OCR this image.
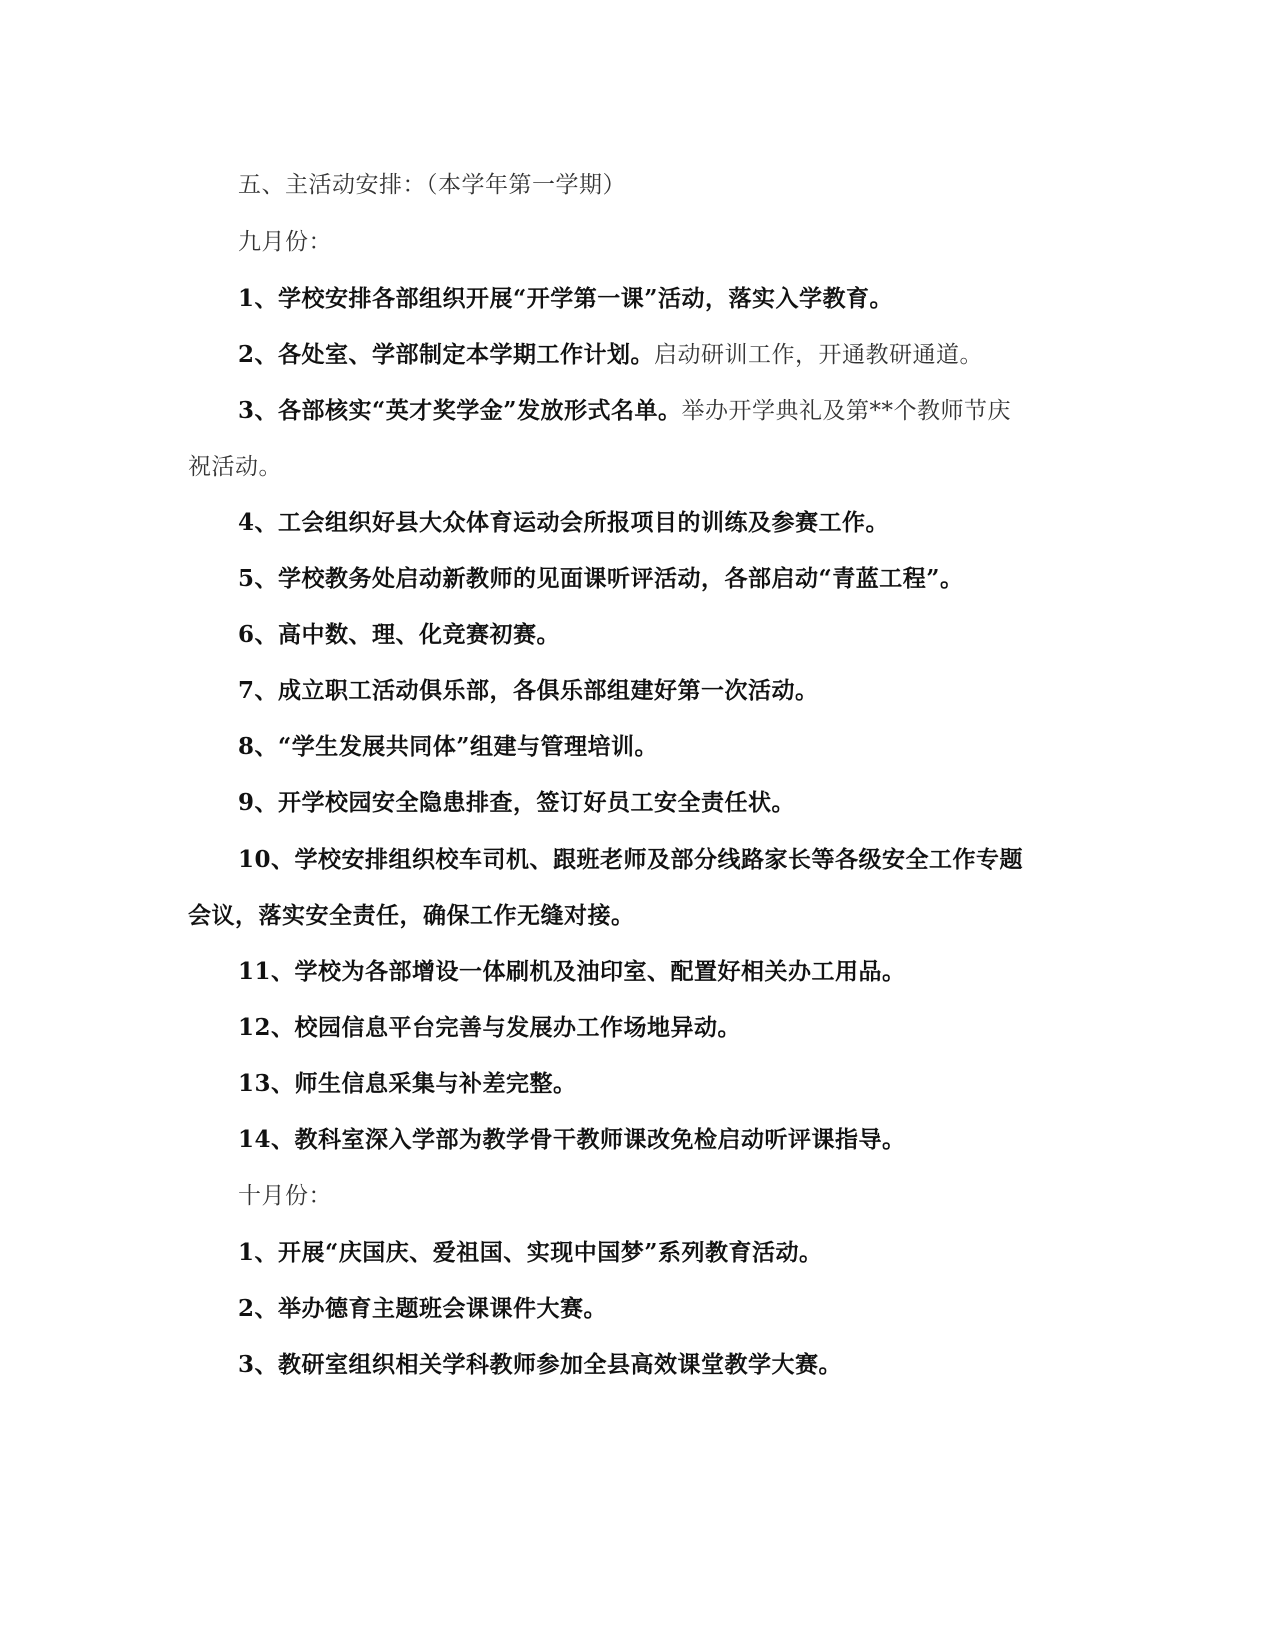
五、主活动安排：（本学年第一学期）
九月份：
1、学校安排各部组织开展“开学第一课”活动，落实入学教育。
2、各处室、学部制定本学期工作计划。启动研训工作，开通教研通道。
3、各部核实“英才奖学金”发放形式名单。举办开学典礼及第**个教师节庆
祝活动。
4、工会组织好县大众体育运动会所报项目的训练及参赛工作。
5、学校教务处启动新教师的见面课听评活动，各部启动“青蓝工程”。
6、高中数、理、化竞赛初赛。
7、成立职工活动俱乐部，各俱乐部组建好第一次活动。
8、“学生发展共同体”组建与管理培训。
9、开学校园安全隐患排查，签订好员工安全责任状。
10、学校安排组织校车司机、跟班老师及部分线路家长等各级安全工作专题
会议，落实安全责任，确保工作无缝对接。
11、学校为各部增设一体刷机及油印室、配置好相关办工用品。
12、校园信息平台完善与发展办工作场地异动。
13、师生信息采集与补差完整。
14、教科室深入学部为教学骨干教师课改免检启动听评课指导。
十月份：
1、开展“庆国庆、爱祖国、实现中国梦”系列教育活动。
2、举办德育主题班会课课件大赛。
3、教研室组织相关学科教师参加全县高效课堂教学大赛。
